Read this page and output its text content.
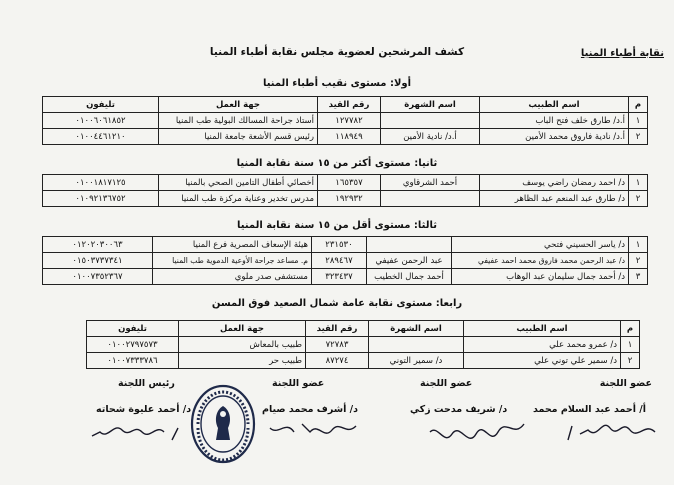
نقابة أطباء المنيا
كشف المرشحين لعضوية مجلس نقابة أطباء المنيا
أولا: مستوى نقيب أطباء المنيا
م	اسم الطبيب	اسم الشهرة	رقم القيد	جهة العمل	تليفون
١	أ.د/ طارق خلف فتح الباب		١٢٧٧٨٢	أستاذ جراحة المسالك البولية طب المنيا	٠١٠٠٦٠٦١٨٥٢
٢	أ.د/ نادية فاروق محمد الأمين	أ.د/ نادية الأمين	١١٨٩٤٩	رئيس قسم الأشعة جامعة المنيا	٠١٠٠٤٤٦١٢١٠
ثانيا: مستوى أكثر من ١٥ سنة نقابة المنيا
١	د/ احمد رمضان راضي يوسف	أحمد الشرقاوي	١٦٥٣٥٧	أخصائي أطفال التامين الصحي بالمنيا	٠١٠٠١٨١٧١٢٥
٢	د/ طارق عبد المنعم عبد الظاهر		١٩٢٩٣٢	مدرس تخدير وعناية مركزة طب المنيا	٠١٠٩٢١٣٦٧٥٢
ثالثا: مستوى أقل من ١٥ سنة نقابة المنيا
١	د/ ياسر الحسيني فتحي		٢٣١٥٣٠	هيئة الإسعاف المصرية فرع المنيا	٠١٢٠٢٠٣٠٠٦٣
٢	د/ عبد الرحمن محمد فاروق محمد احمد عفيفي	عبد الرحمن عفيفي	٢٨٩٤٦٧	م. مساعد جراحة الأوعية الدموية طب المنيا	٠١٥٠٣٧٣٧٣٤١
٣	د/ أحمد جمال سليمان عبد الوهاب	أحمد جمال الخطيب	٣٢٣٤٣٧	مستشفى صدر ملوي	٠١٠٠٧٣٥٢٣٦٧
رابعا: مستوى نقابة عامة شمال الصعيد فوق المسن
م	اسم الطبيب	اسم الشهرة	رقم القيد	جهة العمل	تليفون
١	د/ عمرو محمد علي		٧٢٧٨٣	طبيب بالمعاش	٠١٠٠٢٧٩٧٥٧٣
٢	د/ سمير علي توني علي	د/ سمير التوني	٨٧٢٧٤	طبيب حر	٠١٠٠٧٣٣٣٧٨٦
عضو اللجنة
عضو اللجنة
عضو اللجنة
رئيس اللجنة
أ/ أحمد عبد السلام محمد
د/ شريف مدحت زكي
د/ أشرف محمد صيام
د/ أحمد عليوة شحاته
